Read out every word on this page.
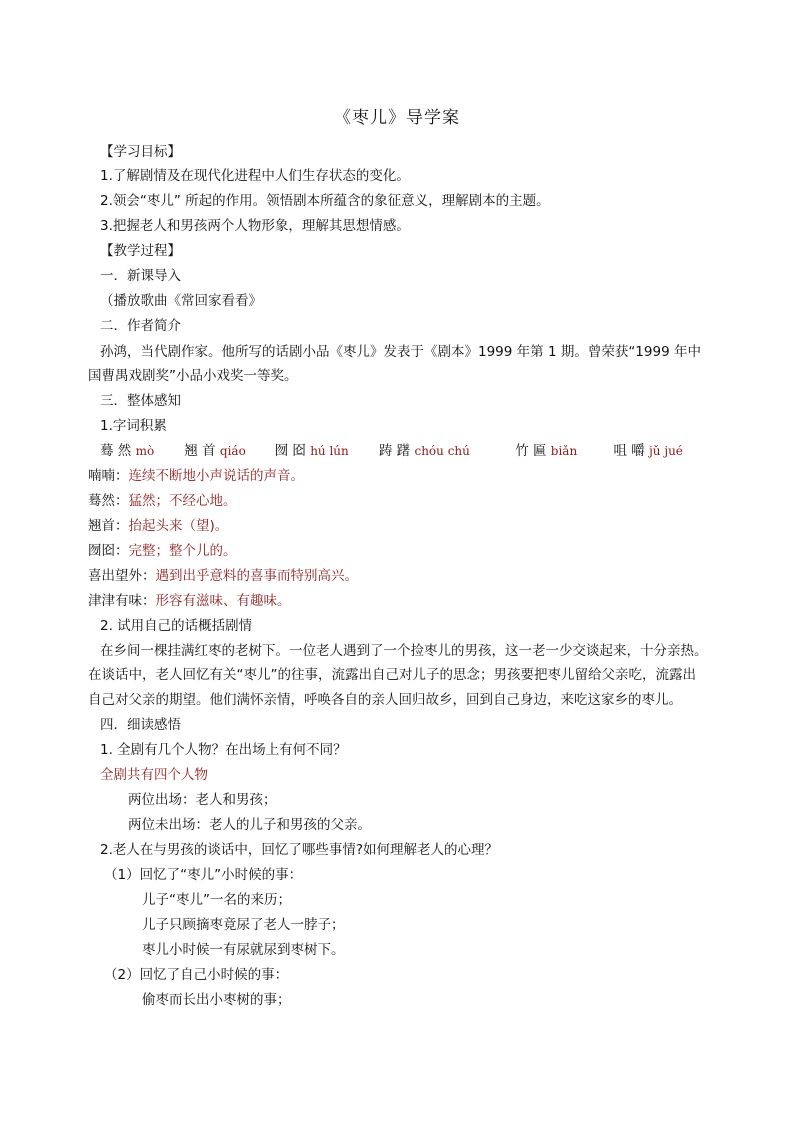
《枣儿》导学案
【学习目标】
1.了解剧情及在现代化进程中人们生存状态的变化。
2.领会“枣儿” 所起的作用。领悟剧本所蕴含的象征意义，理解剧本的主题。
3.把握老人和男孩两个人物形象，理解其思想情感。
【教学过程】
一．新课导入
（播放歌曲《常回家看看》
二．作者简介
孙鸿，当代剧作家。他所写的话剧小品《枣儿》发表于《剧本》1999 年第 1 期。曾荣获“1999 年中
国曹禺戏剧奖”小品小戏奖一等奖。
三．整体感知
1.字词积累
蓦 然 mò 翘 首 qiáo 囫 囵 hú lún 踌 躇 chóu chú	竹 匾 biǎn	咀 嚼 jǔ jué
喃喃：连续不断地小声说话的声音。
蓦然：猛然；不经心地。
翘首：抬起头来（望)。
囫囵：完整；整个儿的。
喜出望外：遇到出乎意料的喜事而特别高兴。
津津有味：形容有滋味、有趣味。
2. 试用自己的话概括剧情
在乡间一棵挂满红枣的老树下。一位老人遇到了一个捡枣儿的男孩，这一老一少交谈起来，十分亲热。
在谈话中，老人回忆有关“枣儿”的往事，流露出自己对儿子的思念；男孩要把枣儿留给父亲吃，流露出
自己对父亲的期望。他们满怀亲情，呼唤各自的亲人回归故乡，回到自己身边，来吃这家乡的枣儿。
四．细读感悟
1. 全剧有几个人物？在出场上有何不同？
全剧共有四个人物
两位出场：老人和男孩；
两位未出场：老人的儿子和男孩的父亲。
2.老人在与男孩的谈话中，回忆了哪些事情?如何理解老人的心理？
（1）回忆了“枣儿”小时候的事：
儿子“枣儿”一名的来历；
儿子只顾摘枣竟尿了老人一脖子；
枣儿小时候一有尿就尿到枣树下。
（2）回忆了自己小时候的事：
偷枣而长出小枣树的事；
